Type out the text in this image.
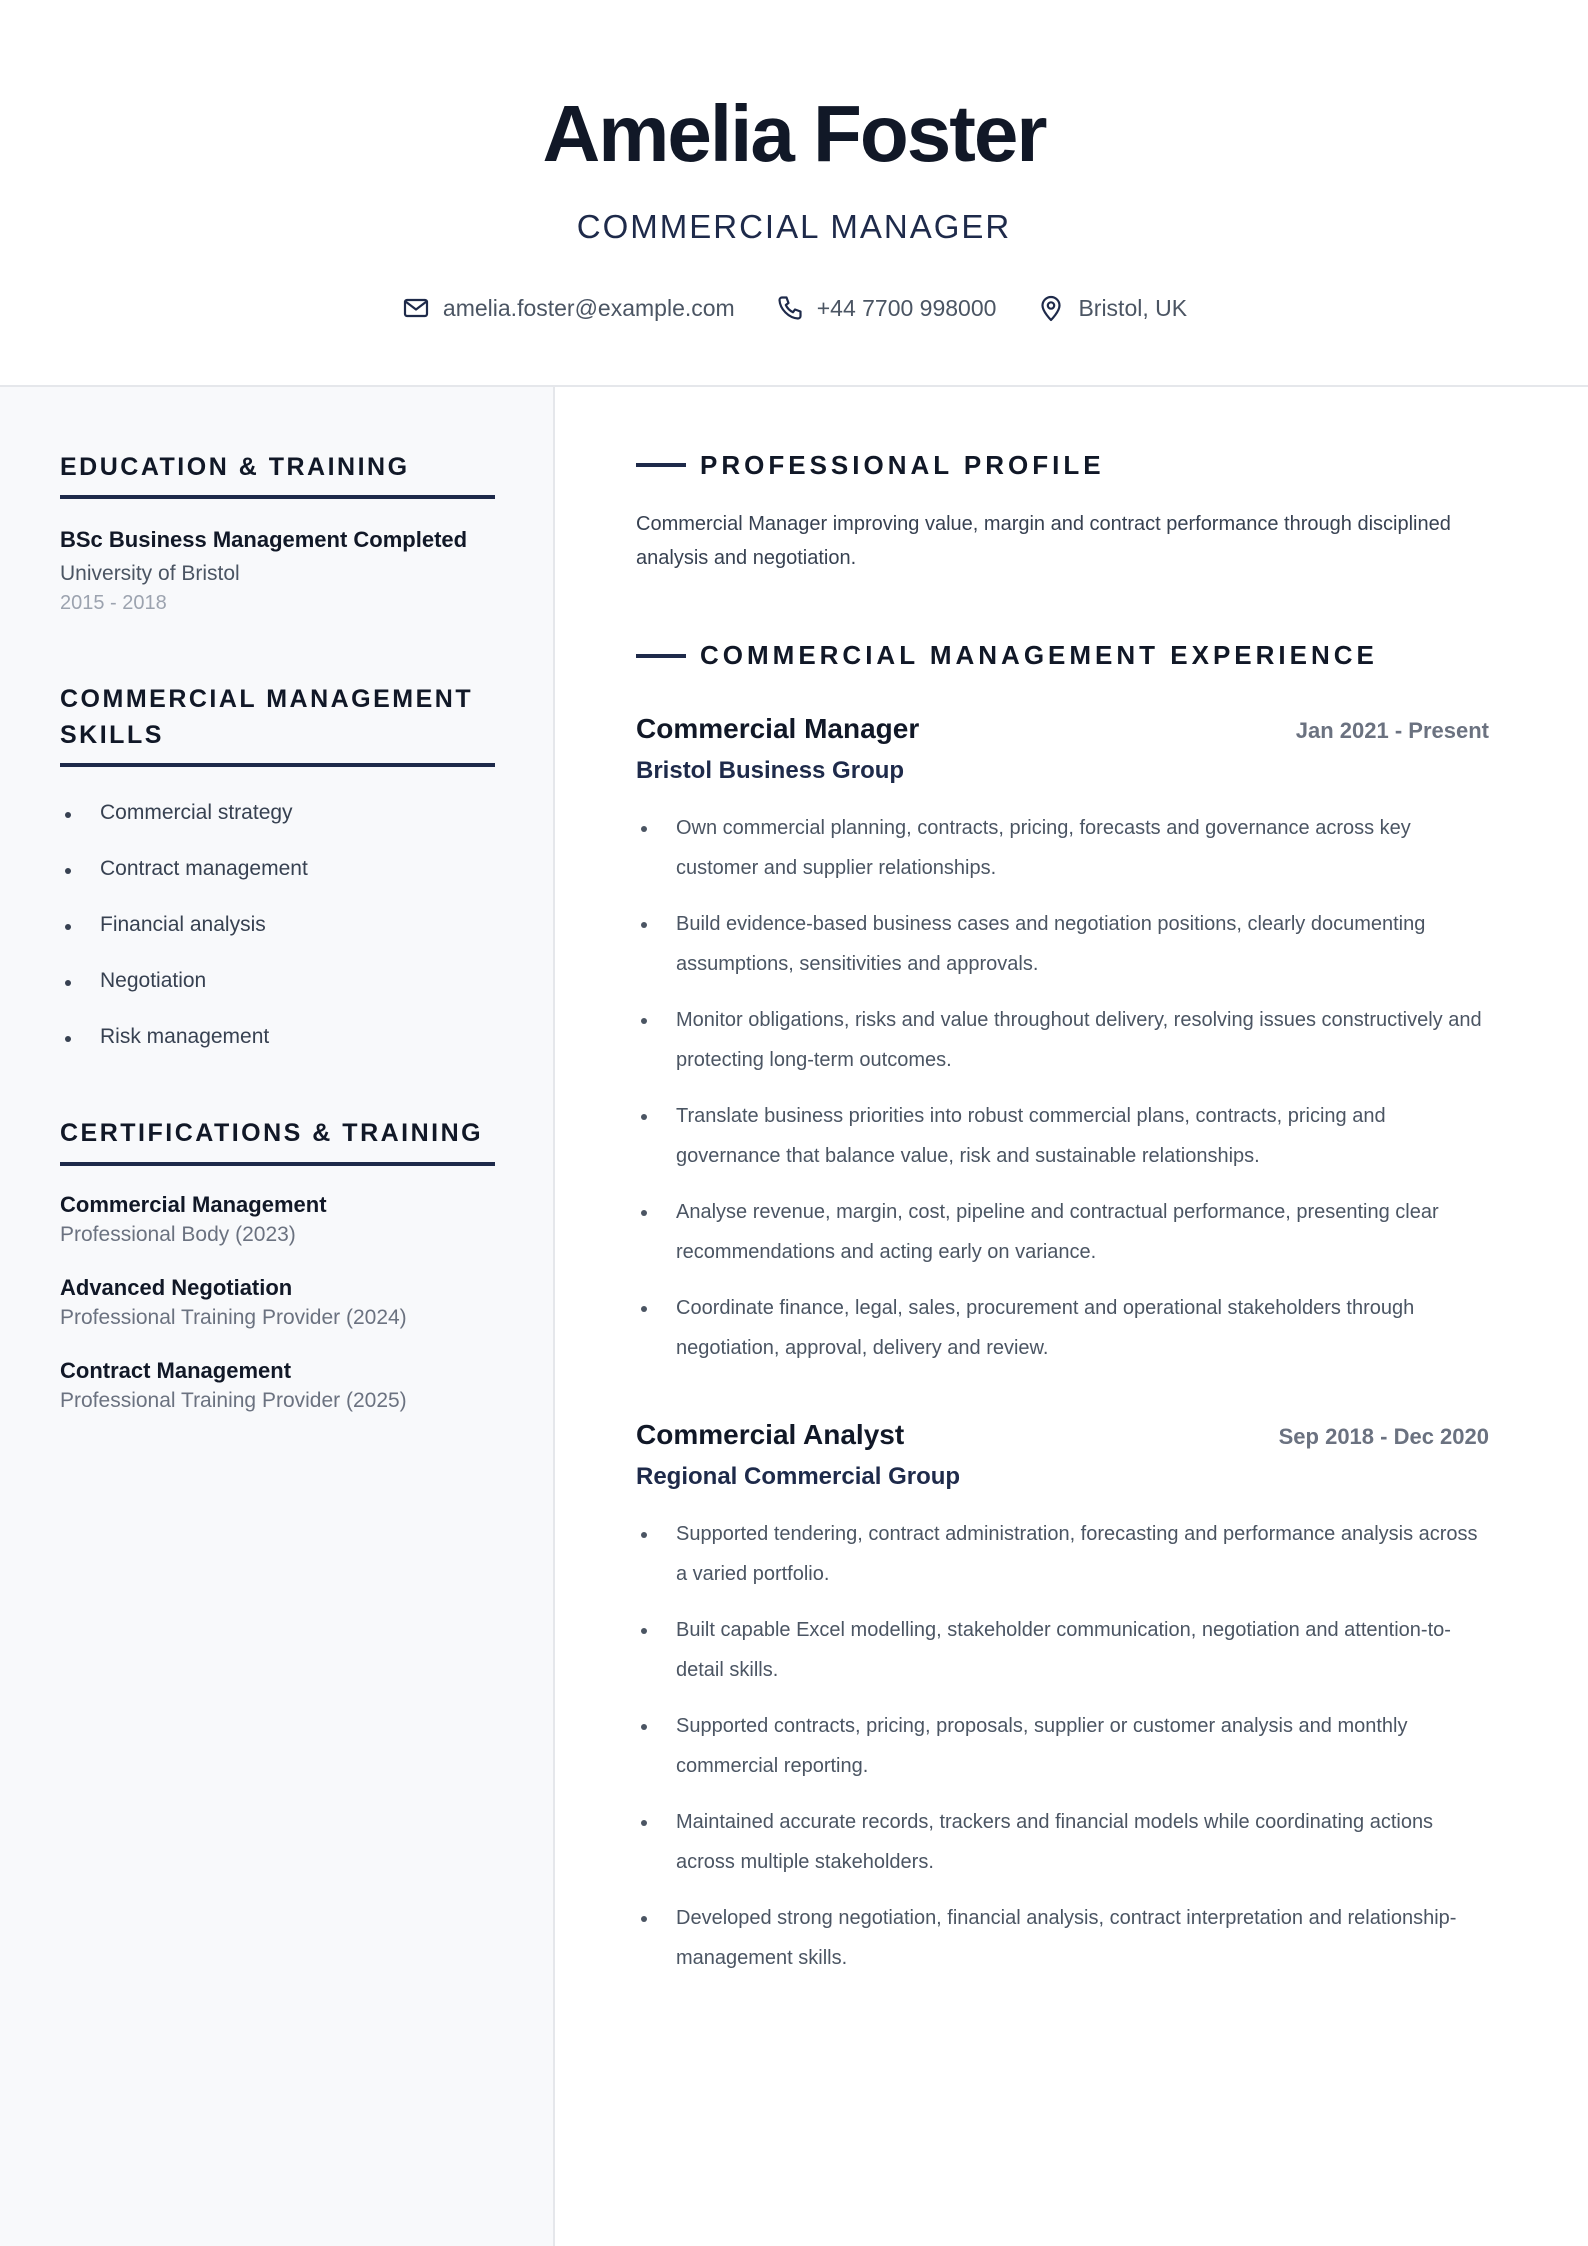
Amelia Foster
COMMERCIAL MANAGER
amelia.foster@example.com	+44 7700 998000	Bristol, UK
EDUCATION & TRAINING
BSc Business Management Completed
University of Bristol
2015 - 2018
COMMERCIAL MANAGEMENT
SKILLS
Commercial strategy
Contract management
Financial analysis
Negotiation
Risk management
CERTIFICATIONS & TRAINING
Commercial Management
Professional Body (2023)
Advanced Negotiation
Professional Training Provider (2024)
Contract Management
Professional Training Provider (2025)
PROFESSIONAL PROFILE
Commercial Manager improving value, margin and contract performance through disciplined analysis and negotiation.
COMMERCIAL MANAGEMENT EXPERIENCE
Commercial Manager	Jan 2021 - Present
Bristol Business Group
Own commercial planning, contracts, pricing, forecasts and governance across key customer and supplier relationships.
Build evidence-based business cases and negotiation positions, clearly documenting assumptions, sensitivities and approvals.
Monitor obligations, risks and value throughout delivery, resolving issues constructively and protecting long-term outcomes.
Translate business priorities into robust commercial plans, contracts, pricing and governance that balance value, risk and sustainable relationships.
Analyse revenue, margin, cost, pipeline and contractual performance, presenting clear recommendations and acting early on variance.
Coordinate finance, legal, sales, procurement and operational stakeholders through negotiation, approval, delivery and review.
Commercial Analyst	Sep 2018 - Dec 2020
Regional Commercial Group
Supported tendering, contract administration, forecasting and performance analysis across a varied portfolio.
Built capable Excel modelling, stakeholder communication, negotiation and attention-to-detail skills.
Supported contracts, pricing, proposals, supplier or customer analysis and monthly commercial reporting.
Maintained accurate records, trackers and financial models while coordinating actions across multiple stakeholders.
Developed strong negotiation, financial analysis, contract interpretation and relationship-management skills.
